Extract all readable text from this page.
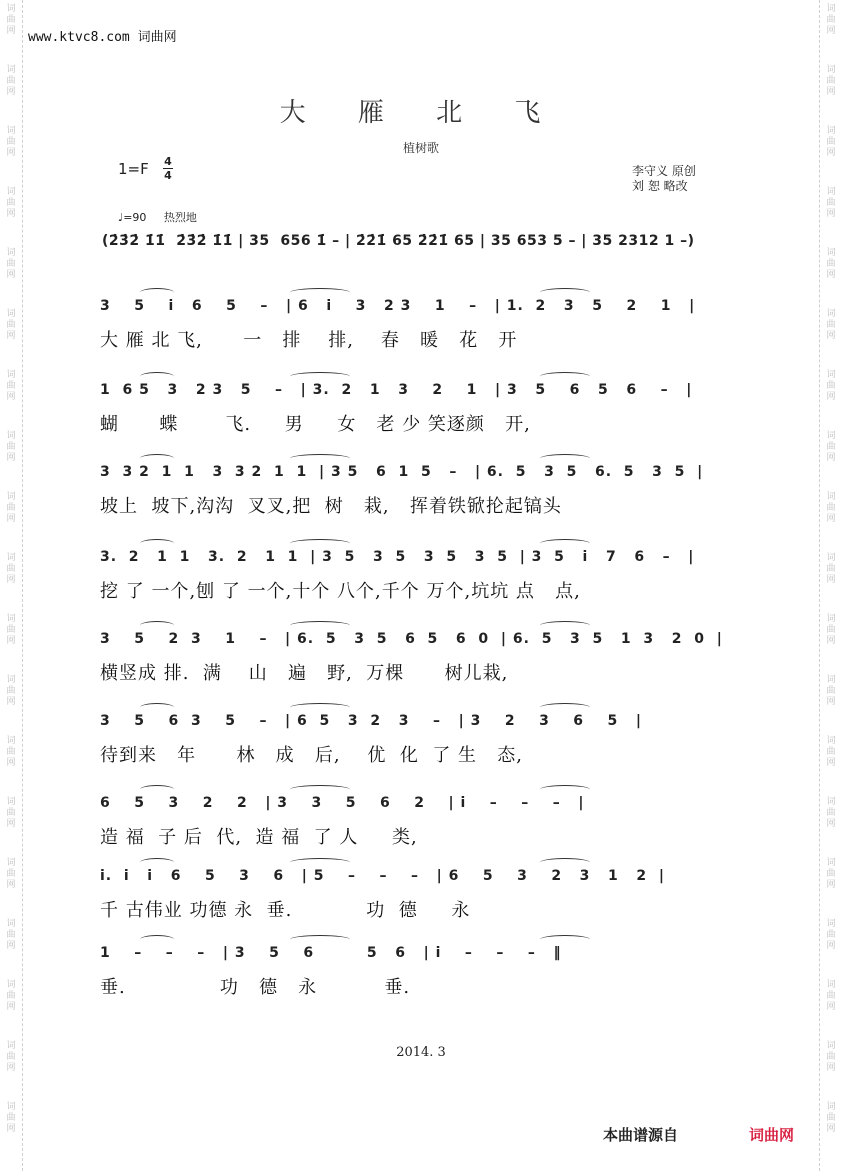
词
曲
网
词
曲
网
词
曲
网
词
曲
网
词
曲
网
词
曲
网
词
曲
网
词
曲
网
词
曲
网
词
曲
网
词
曲
网
词
曲
网
词
曲
网
词
曲
网
词
曲
网
词
曲
网
词
曲
网
词
曲
网
词
曲
网
词
曲
网
词
曲
网
词
曲
网
词
曲
网
词
曲
网
词
曲
网
词
曲
网
词
曲
网
词
曲
网
词
曲
网
词
曲
网
词
曲
网
词
曲
网
词
曲
网
词
曲
网
词
曲
网
词
曲
网
词
曲
网
词
曲
网
www.ktvc8.com 词曲网
大 雁 北 飞
植树歌
1=F 4
4	李守义 原创
刘 恕 略改
♩=90 热烈地
(2̇3̇2̇ 1̇1̇  2̇3̇2̇ 1̇1̇ | 35  656 1̇ – | 2̇2̇1̇ 65 2̇2̇1̇ 65 | 35 653 5 – | 35 2312 1 –)
3    5    i   6    5    –   | 6   i    3   2 3    1    –   | 1.  2   3   5    2    1   |
大 雁 北 飞,      一   排    排,    春   暖   花   开
1  6 5   3   2 3   5    –   | 3.  2   1   3    2    1   | 3   5    6   5   6    –   |
蝴      蝶       飞.     男     女   老 少 笑逐颜   开,
3  3 2  1  1   3  3 2  1  1  | 3 5   6  1  5   –   | 6.  5   3  5   6.  5   3  5  |
坡上  坡下,沟沟  叉叉,把  树   栽,   挥着铁锨抡起镐头
3.  2   1  1   3.  2   1  1  | 3  5   3  5   3  5   3  5  | 3  5   i   7   6   –   |
挖 了 一个,刨 了 一个,十个 八个,千个 万个,坑坑 点   点,
3    5    2  3    1    –   | 6.  5   3  5   6  5   6  0  | 6.  5   3  5   1  3   2  0  |
横竖成 排.  满    山   遍   野,  万棵      树儿栽,
3    5    6  3    5    –   | 6  5   3  2   3    –   | 3    2    3    6    5   |
待到来   年      林   成   后,    优  化  了 生   态,
6    5    3    2    2   | 3    3    5    6    2    | i    –    –    –   |
造 福  子 后  代,  造 福  了 人     类,
i.  i   i   6    5    3    6   | 5    –    –    –   | 6    5    3    2   3   1   2  |
千 古伟业 功德 永  垂.           功  德     永
1    –    –    –   | 3    5    6         5   6   | i    –    –    –   ‖
垂.              功   德   永          垂.
2014. 3
本曲谱源自	词曲网
